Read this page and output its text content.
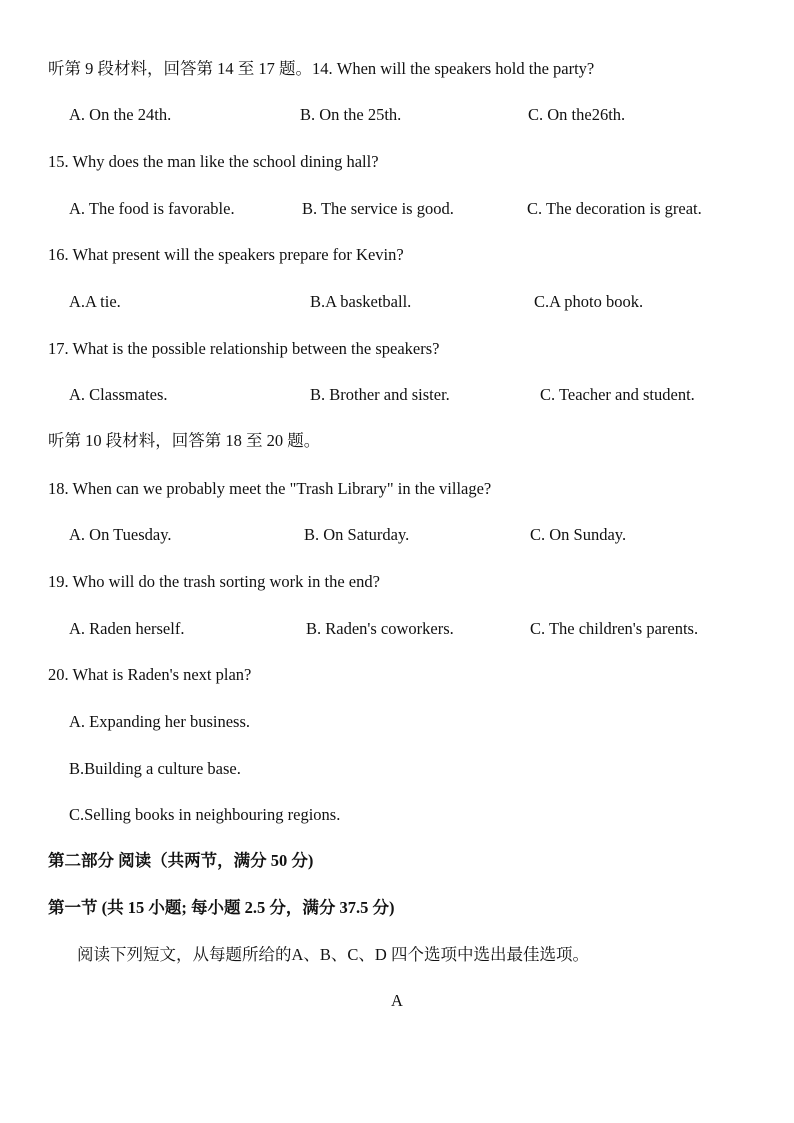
听第 9 段材料，回答第 14 至 17 题。14. When will the speakers hold the party?
A. On the 24th.	B. On the 25th.	C. On the26th.
15. Why does the man like the school dining hall?
A. The food is favorable.	B. The service is good.	C. The decoration is great.
16. What present will the speakers prepare for Kevin?
A.A tie.	B.A basketball.	C.A photo book.
17. What is the possible relationship between the speakers?
A. Classmates.	B. Brother and sister.	C. Teacher and student.
听第 10 段材料，回答第 18 至 20 题。
18. When can we probably meet the "Trash Library" in the village?
A. On Tuesday.	B. On Saturday.	C. On Sunday.
19. Who will do the trash sorting work in the end?
A. Raden herself.	B. Raden's coworkers.	C. The children's parents.
20. What is Raden's next plan?
A. Expanding her business.
B.Building a culture base.
C.Selling books in neighbouring regions.
第二部分 阅读（共两节，满分 50 分)
第一节 (共 15 小题; 每小题 2.5 分，满分 37.5 分)
阅读下列短文，从每题所给的A、B、C、D 四个选项中选出最佳选项。
A
